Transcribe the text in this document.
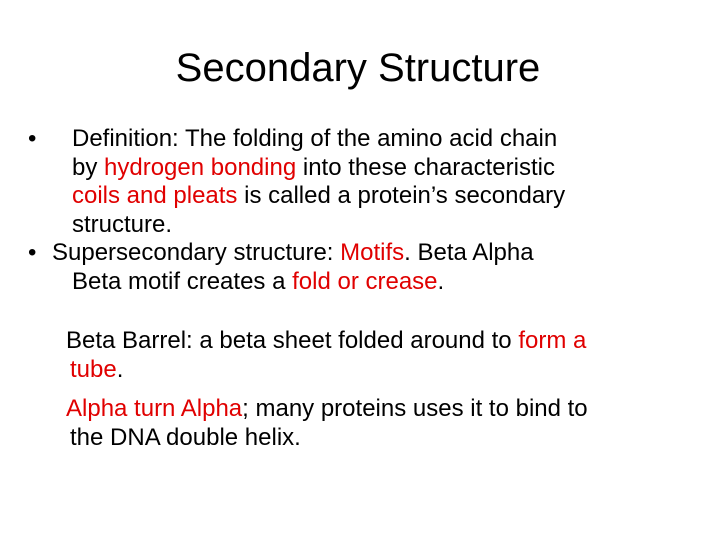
Secondary Structure
• Definition: The folding of the amino acid chain
by hydrogen bonding into these characteristic
coils and pleats is called a protein’s secondary
structure.
• Supersecondary structure: Motifs. Beta Alpha
Beta motif creates a fold or crease.
Beta Barrel: a beta sheet folded around to form a
tube.
Alpha turn Alpha; many proteins uses it to bind to
the DNA double helix.
